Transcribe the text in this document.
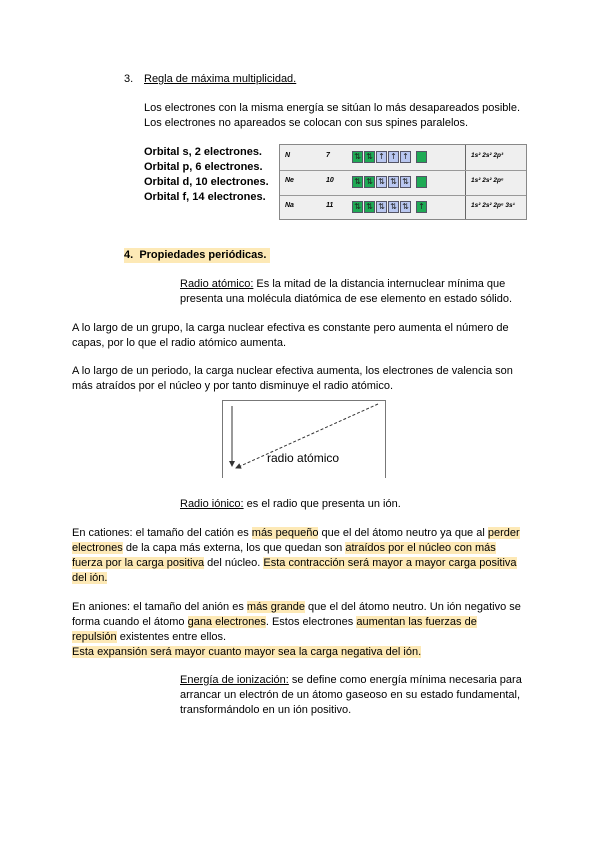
3. Regla de máxima multiplicidad.
Los electrones con la misma energía se sitúan lo más desapareados posible.
Los electrones no apareados se colocan con sus spines paralelos.
Orbital s, 2 electrones.
Orbital p, 6 electrones.
Orbital d, 10 electrones.
Orbital f, 14 electrones.
N	7	⇅ ⇅ ↑ ↑ ↑	1s² 2s² 2p³
Ne	10	⇅ ⇅ ⇅ ⇅ ⇅	1s² 2s² 2p⁶
Na	11	⇅ ⇅ ⇅ ⇅ ⇅ ↑	1s² 2s² 2p⁶ 3s¹
4. Propiedades periódicas.
Radio atómico: Es la mitad de la distancia internuclear mínima que
presenta una molécula diatómica de ese elemento en estado sólido.
A lo largo de un grupo, la carga nuclear efectiva es constante pero aumenta el número de
capas, por lo que el radio atómico aumenta.
A lo largo de un periodo, la carga nuclear efectiva aumenta, los electrones de valencia son
más atraídos por el núcleo y por tanto disminuye el radio atómico.
radio atómico
Radio iónico: es el radio que presenta un ión.
En cationes: el tamaño del catión es más pequeño que el del átomo neutro ya que al perder
electrones de la capa más externa, los que quedan son atraídos por el núcleo con más
fuerza por la carga positiva del núcleo. Esta contracción será mayor a mayor carga positiva
del ión.
En aniones: el tamaño del anión es más grande que el del átomo neutro. Un ión negativo se
forma cuando el átomo gana electrones. Estos electrones aumentan las fuerzas de
repulsión existentes entre ellos.
Esta expansión será mayor cuanto mayor sea la carga negativa del ión.
Energía de ionización: se define como energía mínima necesaria para
arrancar un electrón de un átomo gaseoso en su estado fundamental,
transformándolo en un ión positivo.
